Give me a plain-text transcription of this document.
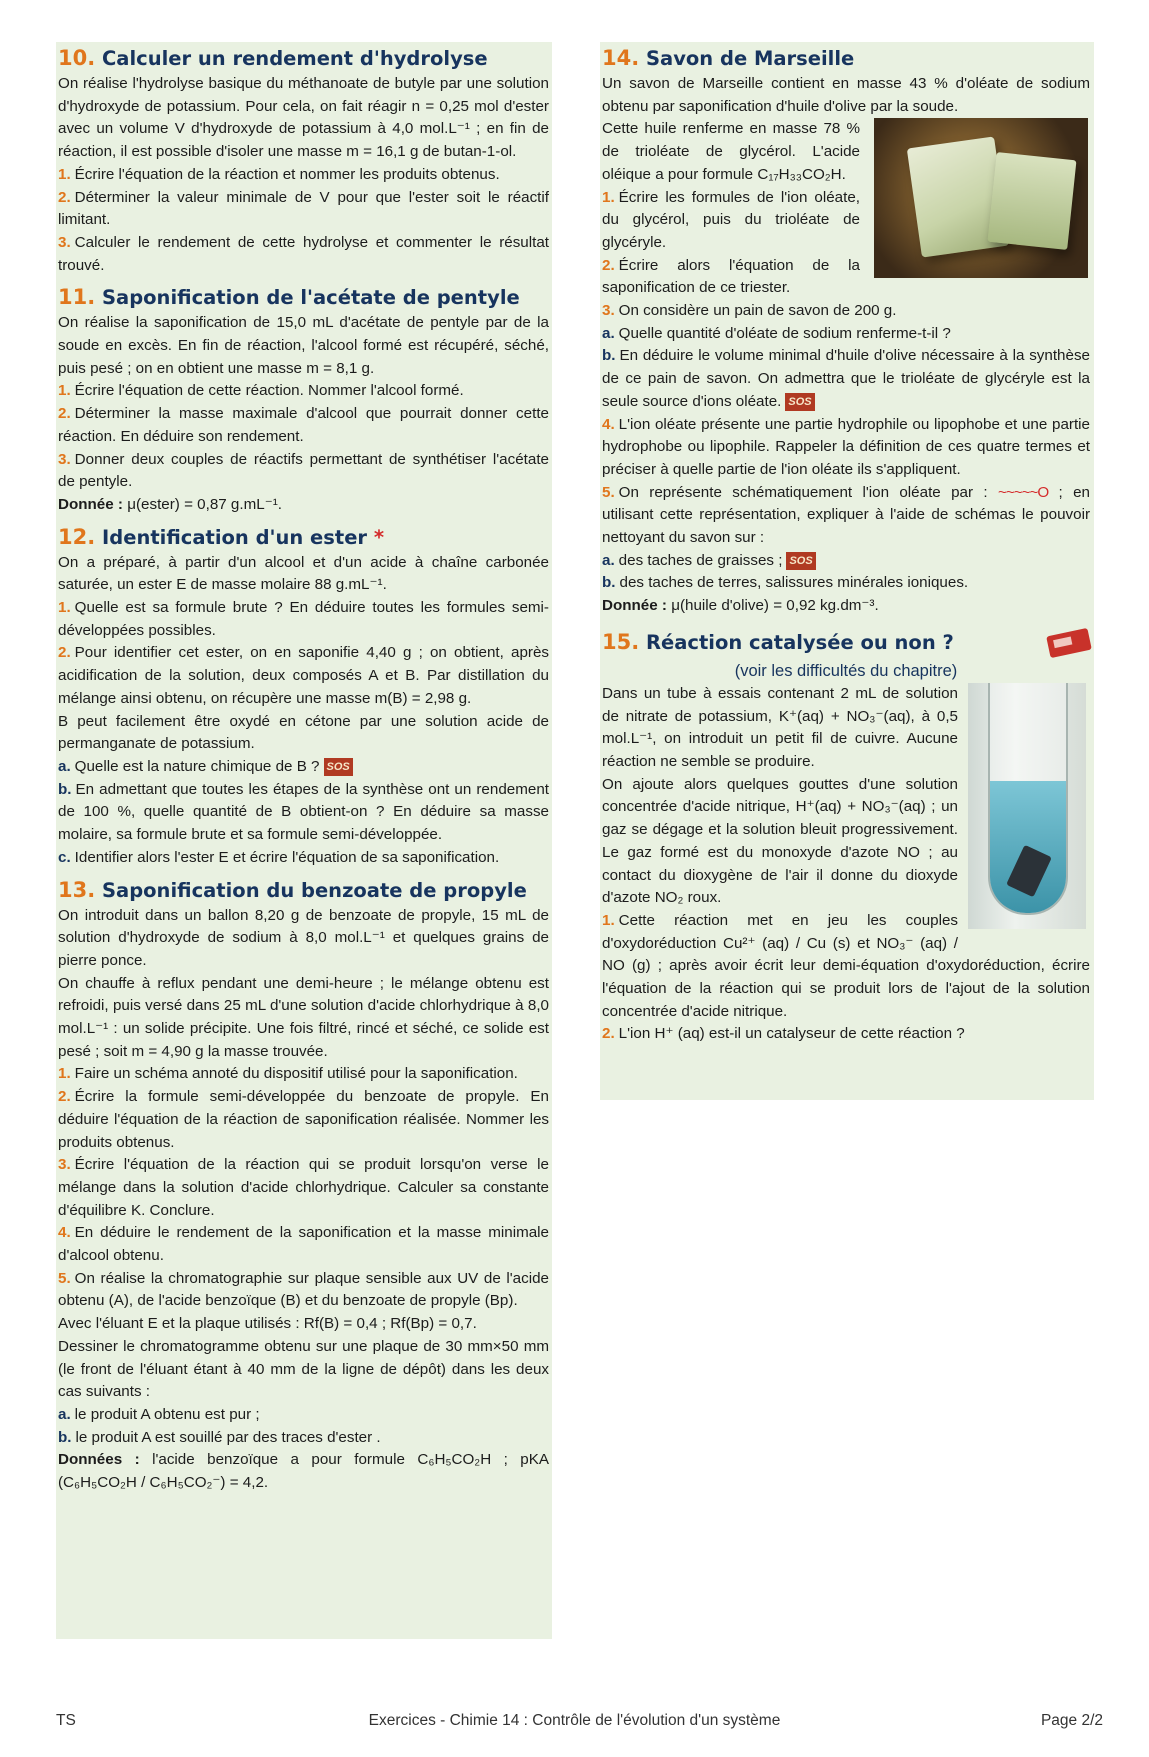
10. Calculer un rendement d'hydrolyse

On réalise l'hydrolyse basique du méthanoate de butyle par une solution d'hydroxyde de potassium. Pour cela, on fait réagir n = 0,25 mol d'ester avec un volume V d'hydroxyde de potassium à 4,0 mol.L⁻¹ ; en fin de réaction, il est possible d'isoler une masse m = 16,1 g de butan-1-ol.

1. Écrire l'équation de la réaction et nommer les produits obtenus.

2. Déterminer la valeur minimale de V pour que l'ester soit le réactif limitant.

3. Calculer le rendement de cette hydrolyse et commenter le résultat trouvé.

11. Saponification de l'acétate de pentyle

On réalise la saponification de 15,0 mL d'acétate de pentyle par de la soude en excès. En fin de réaction, l'alcool formé est récupéré, séché, puis pesé ; on en obtient une masse m = 8,1 g.

1. Écrire l'équation de cette réaction. Nommer l'alcool formé.

2. Déterminer la masse maximale d'alcool que pourrait donner cette réaction. En déduire son rendement.

3. Donner deux couples de réactifs permettant de synthétiser l'acétate de pentyle.

Donnée : μ(ester) = 0,87 g.mL⁻¹.

12. Identification d'un ester *

On a préparé, à partir d'un alcool et d'un acide à chaîne carbonée saturée, un ester E de masse molaire 88 g.mL⁻¹.

1. Quelle est sa formule brute ? En déduire toutes les formules semi-développées possibles.

2. Pour identifier cet ester, on en saponifie 4,40 g ; on obtient, après acidification de la solution, deux composés A et B. Par distillation du mélange ainsi obtenu, on récupère une masse m(B) = 2,98 g.

B peut facilement être oxydé en cétone par une solution acide de permanganate de potassium.

a. Quelle est la nature chimique de B ? SOS

b. En admettant que toutes les étapes de la synthèse ont un rendement de 100 %, quelle quantité de B obtient-on ? En déduire sa masse molaire, sa formule brute et sa formule semi-développée.

c. Identifier alors l'ester E et écrire l'équation de sa saponification.

13. Saponification du benzoate de propyle

On introduit dans un ballon 8,20 g de benzoate de propyle, 15 mL de solution d'hydroxyde de sodium à 8,0 mol.L⁻¹ et quelques grains de pierre ponce.

On chauffe à reflux pendant une demi-heure ; le mélange obtenu est refroidi, puis versé dans 25 mL d'une solution d'acide chlorhydrique à 8,0 mol.L⁻¹ : un solide précipite. Une fois filtré, rincé et séché, ce solide est pesé ; soit m = 4,90 g la masse trouvée.

1. Faire un schéma annoté du dispositif utilisé pour la saponification.

2. Écrire la formule semi-développée du benzoate de propyle. En déduire l'équation de la réaction de saponification réalisée. Nommer les produits obtenus.

3. Écrire l'équation de la réaction qui se produit lorsqu'on verse le mélange dans la solution d'acide chlorhydrique. Calculer sa constante d'équilibre K. Conclure.

4. En déduire le rendement de la saponification et la masse minimale d'alcool obtenu.

5. On réalise la chromatographie sur plaque sensible aux UV de l'acide obtenu (A), de l'acide benzoïque (B) et du benzoate de propyle (Bp).

Avec l'éluant E et la plaque utilisés : Rf(B) = 0,4 ; Rf(Bp) = 0,7.

Dessiner le chromatogramme obtenu sur une plaque de 30 mm×50 mm (le front de l'éluant étant à 40 mm de la ligne de dépôt) dans les deux cas suivants :

a. le produit A obtenu est pur ;

b. le produit A est souillé par des traces d'ester .

Données : l'acide benzoïque a pour formule C₆H₅CO₂H ; pKA (C₆H₅CO₂H / C₆H₅CO₂⁻) = 4,2.

14. Savon de Marseille

Un savon de Marseille contient en masse 43 % d'oléate de sodium obtenu par saponification d'huile d'olive par la soude.

Cette huile renferme en masse 78 % de trioléate de glycérol. L'acide oléique a pour formule C₁₇H₃₃CO₂H.

1. Écrire les formules de l'ion oléate, du glycérol, puis du trioléate de glycéryle.

2. Écrire alors l'équation de la saponification de ce triester.

3. On considère un pain de savon de 200 g.

a. Quelle quantité d'oléate de sodium renferme-t-il ?

b. En déduire le volume minimal d'huile d'olive nécessaire à la synthèse de ce pain de savon. On admettra que le trioléate de glycéryle est la seule source d'ions oléate. SOS

4. L'ion oléate présente une partie hydrophile ou lipophobe et une partie hydrophobe ou lipophile. Rappeler la définition de ces quatre termes et préciser à quelle partie de l'ion oléate ils s'appliquent.

5. On représente schématiquement l'ion oléate par : ~~~~~O ; en utilisant cette représentation, expliquer à l'aide de schémas le pouvoir nettoyant du savon sur :

a. des taches de graisses ; SOS

b. des taches de terres, salissures minérales ioniques.

Donnée : μ(huile d'olive) = 0,92 kg.dm⁻³.

15. Réaction catalysée ou non ?
(voir les difficultés du chapitre)

Dans un tube à essais contenant 2 mL de solution de nitrate de potassium, K⁺(aq) + NO₃⁻(aq), à 0,5 mol.L⁻¹, on introduit un petit fil de cuivre. Aucune réaction ne semble se produire.

On ajoute alors quelques gouttes d'une solution concentrée d'acide nitrique, H⁺(aq) + NO₃⁻(aq) ; un gaz se dégage et la solution bleuit progressivement. Le gaz formé est du monoxyde d'azote NO ; au contact du dioxygène de l'air il donne du dioxyde d'azote NO₂ roux.

1. Cette réaction met en jeu les couples d'oxydoréduction Cu²⁺ (aq) / Cu (s) et NO₃⁻ (aq) / NO (g) ; après avoir écrit leur demi-équation d'oxydoréduction, écrire l'équation de la réaction qui se produit lors de l'ajout de la solution concentrée d'acide nitrique.

2. L'ion H⁺ (aq) est-il un catalyseur de cette réaction ?

TS	Exercices - Chimie 14 : Contrôle de l'évolution d'un système	Page 2/2
